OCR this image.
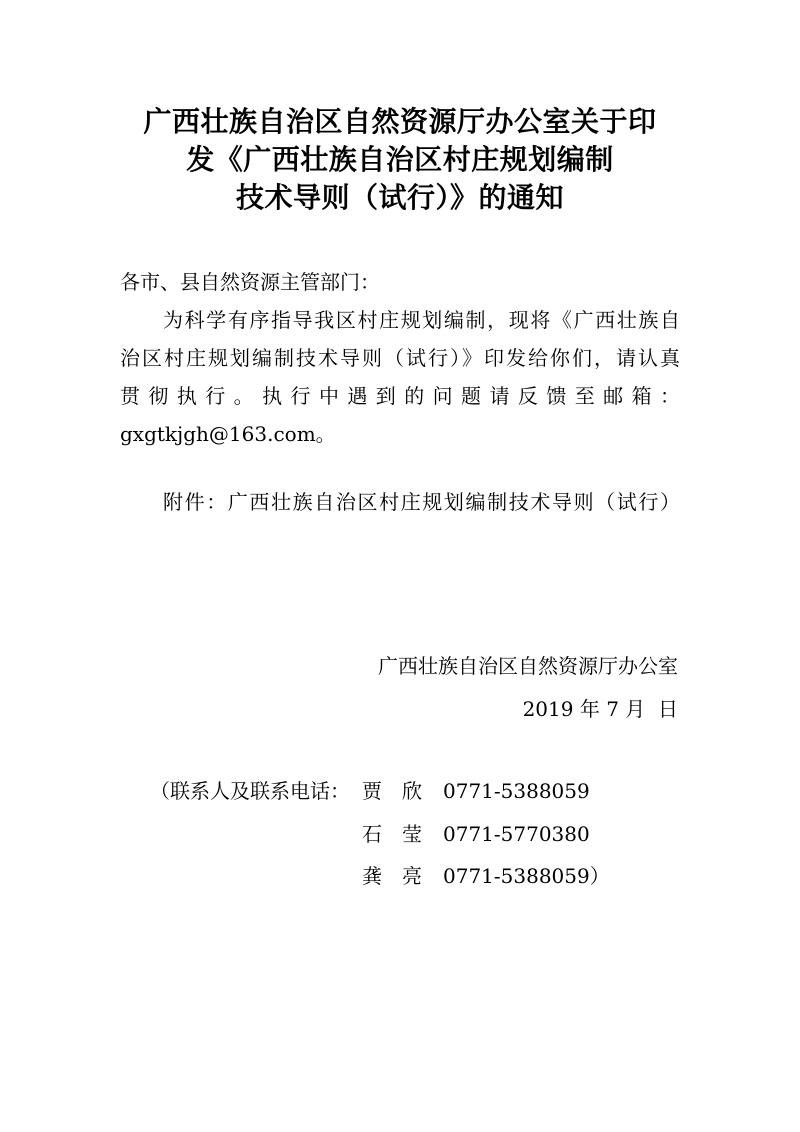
广西壮族自治区自然资源厅办公室关于印
发《广西壮族自治区村庄规划编制
技术导则（试行）》的通知
各市、县自然资源主管部门：
为科学有序指导我区村庄规划编制，现将《广西壮族自
治区村庄规划编制技术导则（试行）》印发给你们，请认真
贯彻执行。执行中遇到的问题请反馈至邮箱：
gxgtkjgh@163.com。
附件：广西壮族自治区村庄规划编制技术导则（试行）
广西壮族自治区自然资源厅办公室
2019 年 7 月  日
（联系人及联系电话： 贾　欣 0771-5388059
石　莹 0771-5770380
龚　亮 0771-5388059）
